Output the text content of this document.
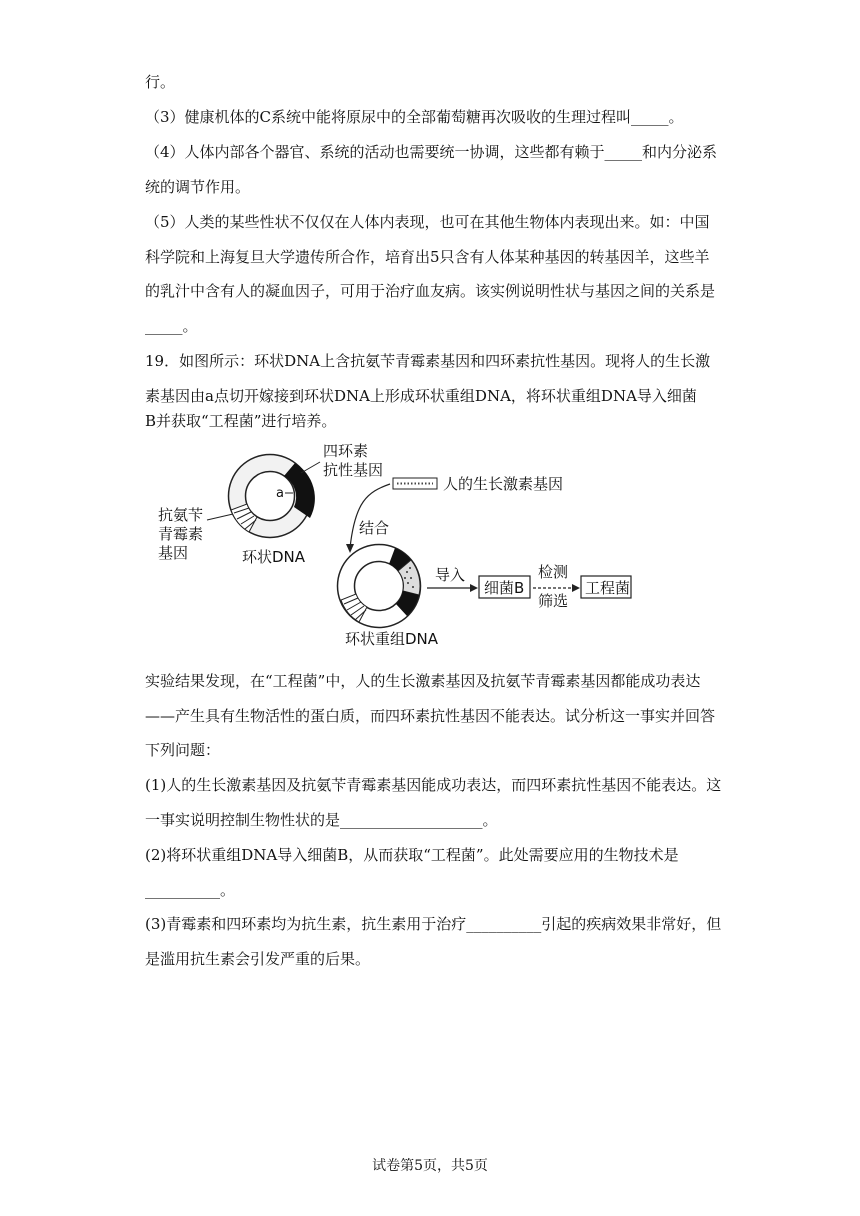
行。
（3）健康机体的C系统中能将原尿中的全部葡萄糖再次吸收的生理过程叫_____。
（4）人体内部各个器官、系统的活动也需要统一协调，这些都有赖于_____和内分泌系
统的调节作用。
（5）人类的某些性状不仅仅在人体内表现，也可在其他生物体内表现出来。如：中国
科学院和上海复旦大学遗传所合作，培育出5只含有人体某种基因的转基因羊，这些羊
的乳汁中含有人的凝血因子，可用于治疗血友病。该实例说明性状与基因之间的关系是
_____。
19．如图所示：环状DNA上含抗氨苄青霉素基因和四环素抗性基因。现将人的生长激
素基因由a点切开嫁接到环状DNA上形成环状重组DNA，将环状重组DNA导入细菌
B并获取“工程菌”进行培养。
a
四环素
抗性基因
人的生长激素基因
抗氨苄
青霉素
基因	环状DNA
结合
环状重组DNA
导入
细菌B
检测
筛选
工程菌
实验结果发现，在“工程菌”中，人的生长激素基因及抗氨苄青霉素基因都能成功表达
——产生具有生物活性的蛋白质，而四环素抗性基因不能表达。试分析这一事实并回答
下列问题：
(1)人的生长激素基因及抗氨苄青霉素基因能成功表达，而四环素抗性基因不能表达。这
一事实说明控制生物性状的是___________________。
(2)将环状重组DNA导入细菌B，从而获取“工程菌”。此处需要应用的生物技术是
__________。
(3)青霉素和四环素均为抗生素，抗生素用于治疗__________引起的疾病效果非常好，但
是滥用抗生素会引发严重的后果。
试卷第5页，共5页
